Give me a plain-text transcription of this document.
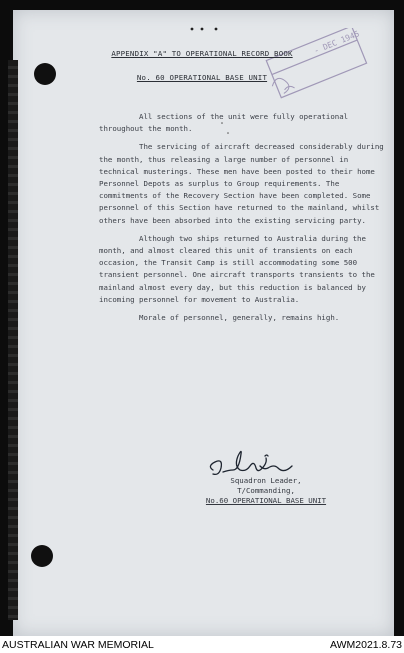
- DEC 1945
APPENDIX "A" TO OPERATIONAL RECORD BOOK
No. 60 OPERATIONAL BASE UNIT

All sections of the unit were fully operational throughout the month.

The servicing of aircraft decreased considerably during the month, thus releasing a large number of personnel in technical musterings. These men have been posted to their home Personnel Depots as surplus to Group requirements. The commitments of the Recovery Section have been completed. Some personnel of this Section have returned to the mainland, whilst others have been absorbed into the existing servicing party.

Although two ships returned to Australia during the month, and almost cleared this unit of transients on each occasion, the Transit Camp is still accommodating some 500 transient personnel. One aircraft transports transients to the mainland almost every day, but this reduction is balanced by incoming personnel for movement to Australia.

Morale of personnel, generally, remains high.

Squadron Leader,
T/Commanding,
No.60 OPERATIONAL BASE UNIT
AUSTRALIAN WAR MEMORIAL	AWM2021.8.73
